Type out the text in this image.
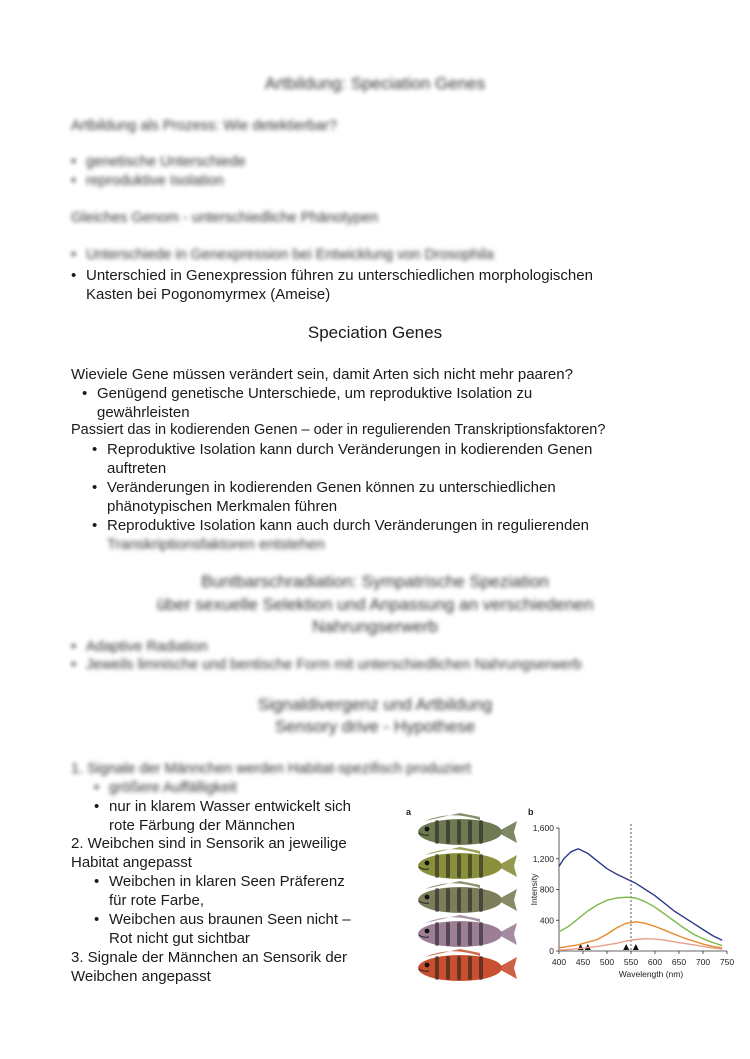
Artbildung: Speciation Genes
Artbildung als Prozess: Wie detektierbar?
• genetische Unterschiede
• reproduktive Isolation
Gleiches Genom - unterschiedliche Phänotypen
• Unterschiede in Genexpression bei Entwicklung von Drosophila
• Unterschied in Genexpression führen zu unterschiedlichen morphologischen
Kasten bei Pogonomyrmex (Ameise)
Speciation Genes
Wieviele Gene müssen verändert sein, damit Arten sich nicht mehr paaren?
• Genügend genetische Unterschiede, um reproduktive Isolation zu
gewährleisten
Passiert das in kodierenden Genen – oder in regulierenden Transkriptionsfaktoren?
• Reproduktive Isolation kann durch Veränderungen in kodierenden Genen
auftreten
• Veränderungen in kodierenden Genen können zu unterschiedlichen
phänotypischen Merkmalen führen
• Reproduktive Isolation kann auch durch Veränderungen in regulierenden
Transkriptionsfaktoren entstehen
Buntbarschradiation: Sympatrische Speziation
über sexuelle Selektion und Anpassung an verschiedenen
Nahrungserwerb
• Adaptive Radiation
• Jeweils limnische und bentische Form mit unterschiedlichen Nahrungserwerb
Signaldivergenz und Artbildung
Sensory drive - Hypothese
1. Signale der Männchen werden Habitat-spezifisch produziert
• größere Auffälligkeit
• nur in klarem Wasser entwickelt sich
rote Färbung der Männchen
2. Weibchen sind in Sensorik an jeweilige
Habitat angepasst
• Weibchen in klaren Seen Präferenz
für rote Farbe,
• Weibchen aus braunen Seen nicht –
Rot nicht gut sichtbar
3. Signale der Männchen an Sensorik der
Weibchen angepasst
a	b
0
400
800
1,200
1,600
400 450 500 550 600 650 700 750
Wavelength (nm)
Intensity
